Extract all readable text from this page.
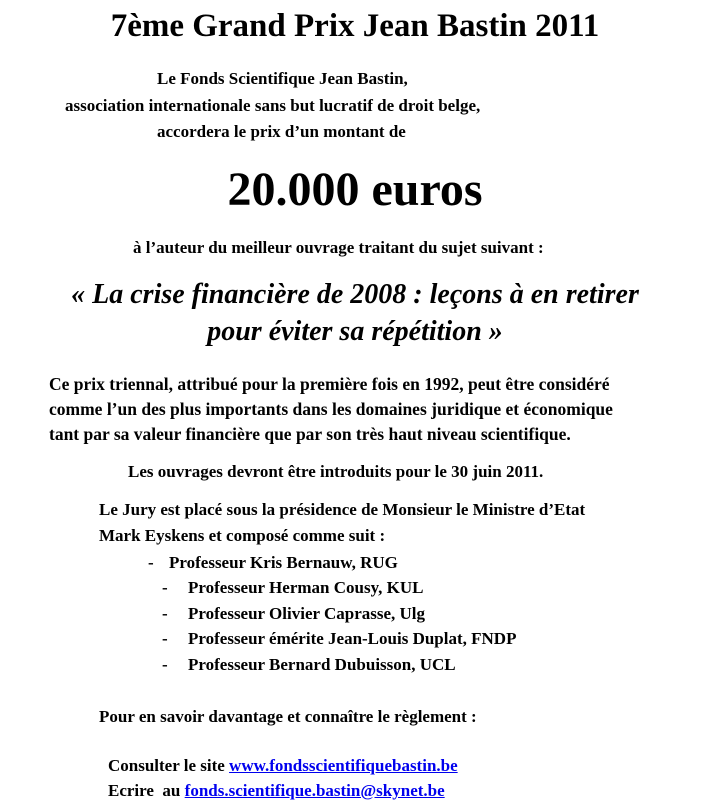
7ème Grand Prix Jean Bastin 2011

Le Fonds Scientifique Jean Bastin,

association internationale sans but lucratif de droit belge,

accordera le prix d’un montant de

20.000 euros

à l’auteur du meilleur ouvrage traitant du sujet suivant :

« La crise financière de 2008 : leçons à en retirer

pour éviter sa répétition »

Ce prix triennal, attribué pour la première fois en 1992, peut être considéré

comme l’un des plus importants dans les domaines juridique et économique

tant par sa valeur financière que par son très haut niveau scientifique.

Les ouvrages devront être introduits pour le 30 juin 2011.

Le Jury est placé sous la présidence de Monsieur le Ministre d’Etat

Mark Eyskens et composé comme suit :

- Professeur Kris Bernauw, RUG
- Professeur Herman Cousy, KUL
- Professeur Olivier Caprasse, Ulg
- Professeur émérite Jean-Louis Duplat, FNDP
- Professeur Bernard Dubuisson, UCL

Pour en savoir davantage et connaître le règlement :

Consulter le site www.fondsscientifiquebastin.be

Ecrire  au fonds.scientifique.bastin@skynet.be
